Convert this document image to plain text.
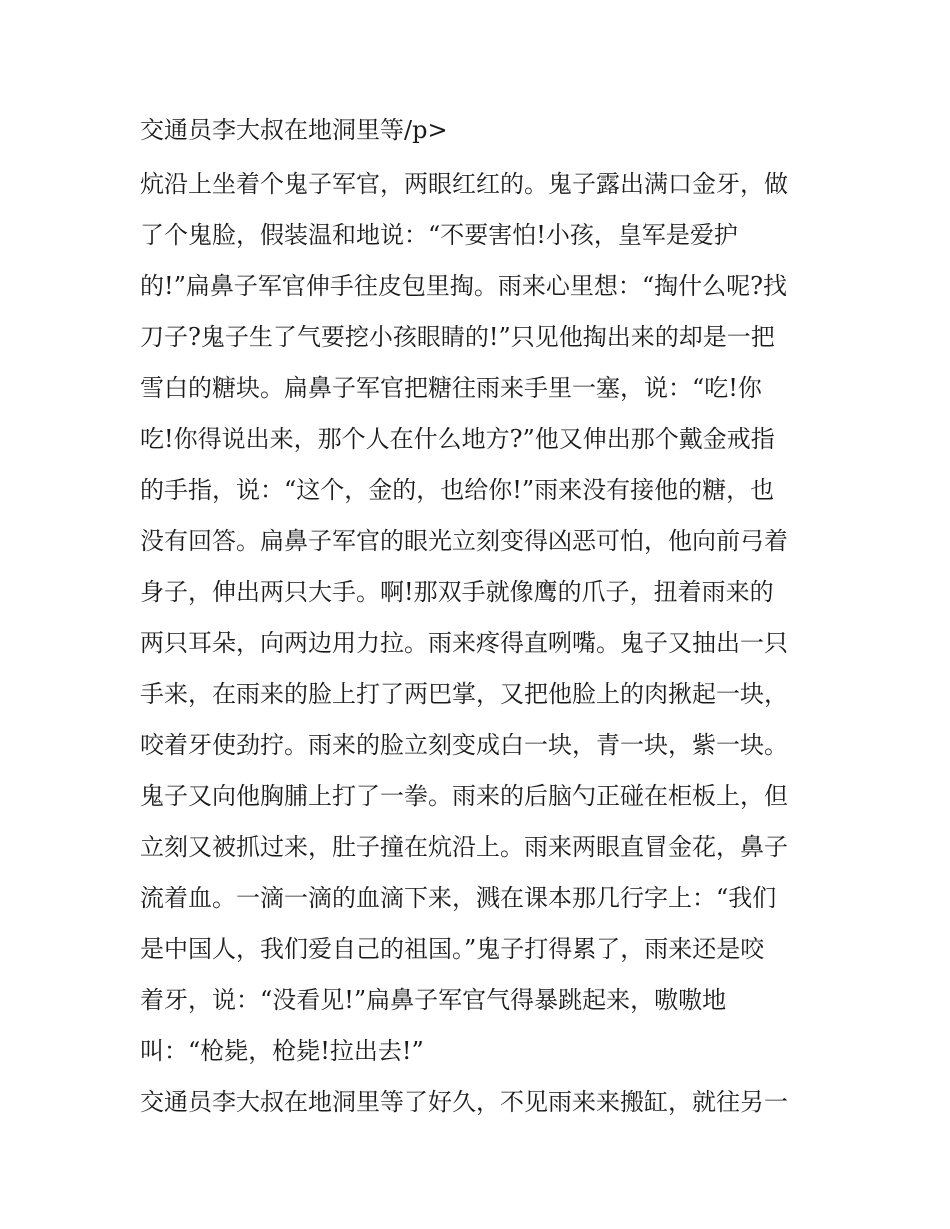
交通员李大叔在地洞里等/p>
炕沿上坐着个鬼子军官，两眼红红的。鬼子露出满口金牙，做
了个鬼脸，假装温和地说：“不要害怕!小孩，皇军是爱护
的!”扁鼻子军官伸手往皮包里掏。雨来心里想：“掏什么呢?找
刀子?鬼子生了气要挖小孩眼睛的!”只见他掏出来的却是一把
雪白的糖块。扁鼻子军官把糖往雨来手里一塞，说：“吃!你
吃!你得说出来，那个人在什么地方?”他又伸出那个戴金戒指
的手指，说：“这个，金的，也给你!”雨来没有接他的糖，也
没有回答。扁鼻子军官的眼光立刻变得凶恶可怕，他向前弓着
身子，伸出两只大手。啊!那双手就像鹰的爪子，扭着雨来的
两只耳朵，向两边用力拉。雨来疼得直咧嘴。鬼子又抽出一只
手来，在雨来的脸上打了两巴掌，又把他脸上的肉揪起一块，
咬着牙使劲拧。雨来的脸立刻变成白一块，青一块，紫一块。
鬼子又向他胸脯上打了一拳。雨来的后脑勺正碰在柜板上，但
立刻又被抓过来，肚子撞在炕沿上。雨来两眼直冒金花，鼻子
流着血。一滴一滴的血滴下来，溅在课本那几行字上：“我们
是中国人，我们爱自己的祖国。”鬼子打得累了，雨来还是咬
着牙，说：“没看见!”扁鼻子军官气得暴跳起来，嗷嗷地
叫：“枪毙，枪毙!拉出去!”
交通员李大叔在地洞里等了好久，不见雨来来搬缸，就往另一
